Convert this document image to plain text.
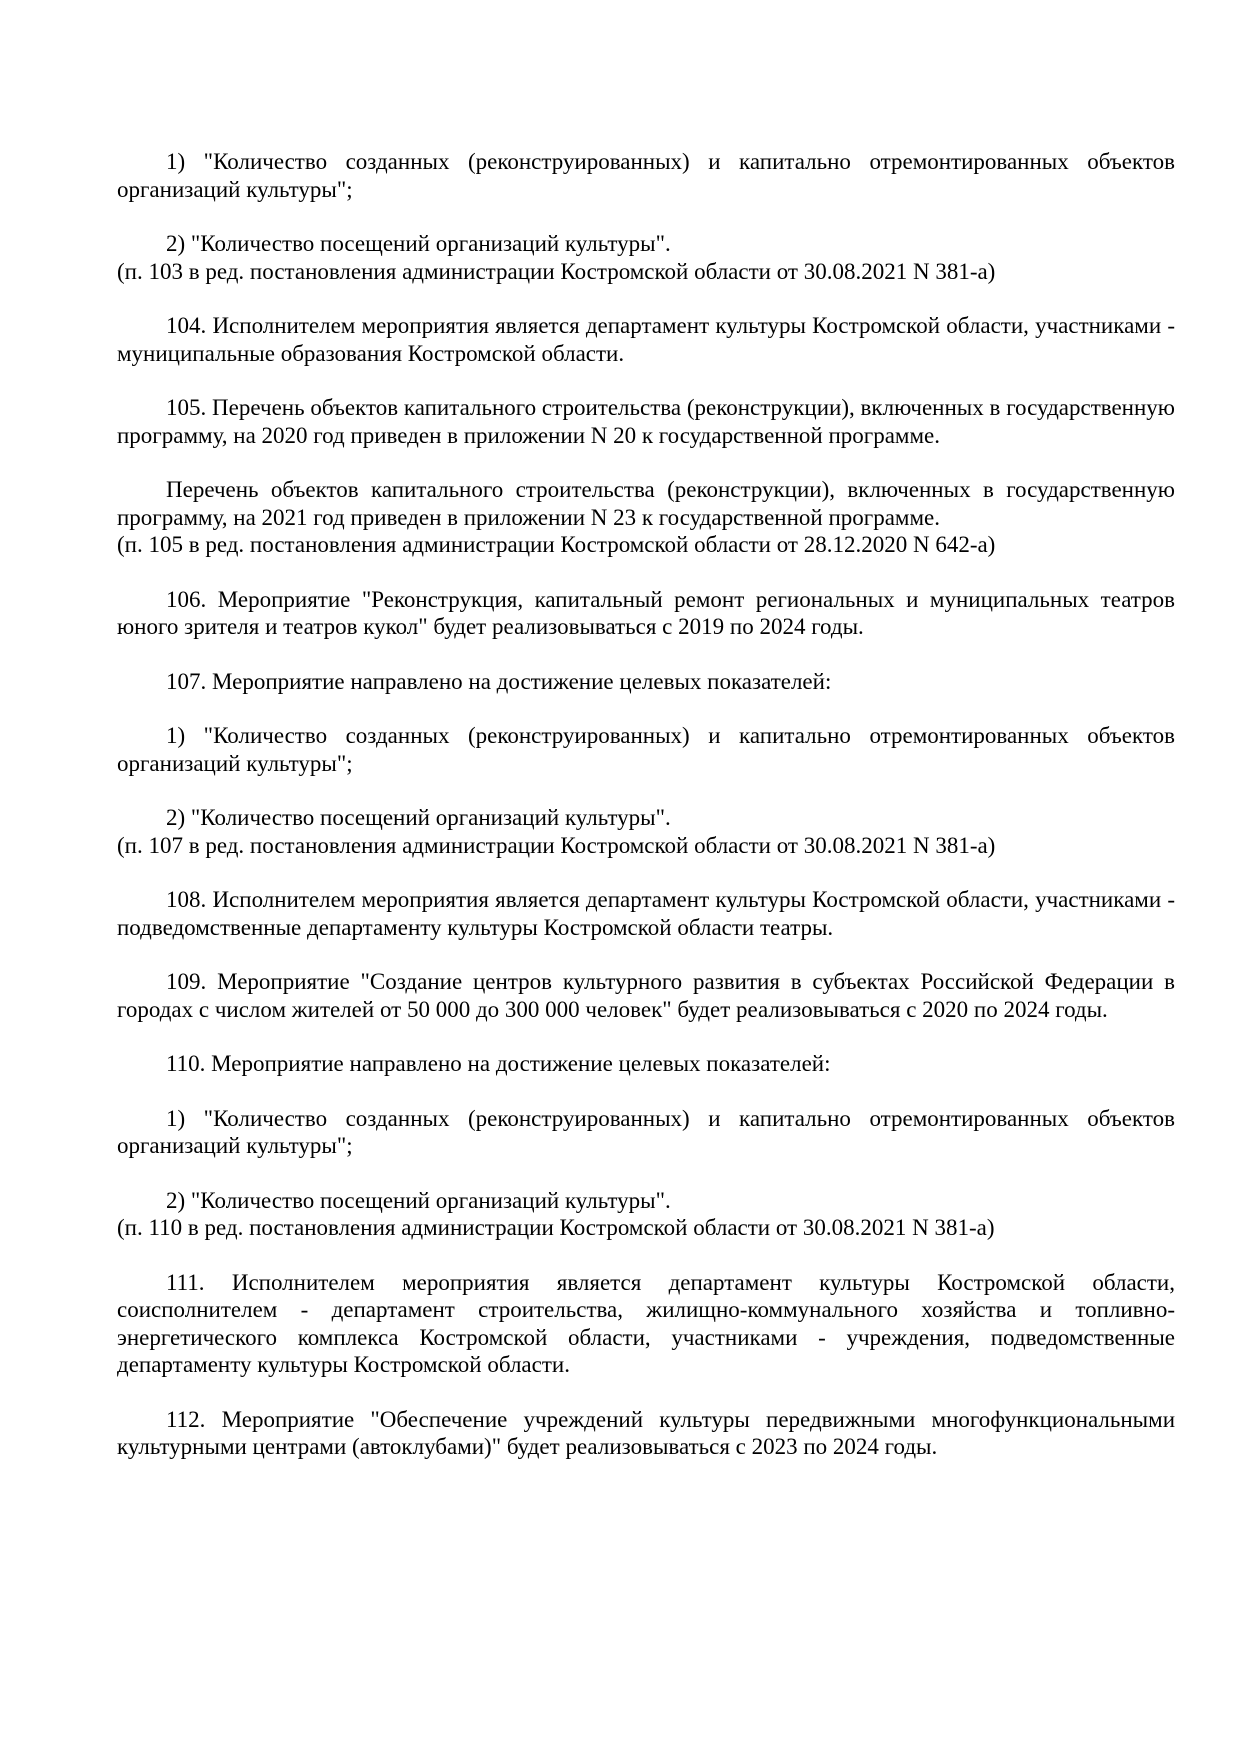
1) "Количество созданных (реконструированных) и капитально отремонтированных объектов организаций культуры";

2) "Количество посещений организаций культуры".

(п. 103 в ред. постановления администрации Костромской области от 30.08.2021 N 381-а)

104. Исполнителем мероприятия является департамент культуры Костромской области, участниками - муниципальные образования Костромской области.

105. Перечень объектов капитального строительства (реконструкции), включенных в государственную программу, на 2020 год приведен в приложении N 20 к государственной программе.

Перечень объектов капитального строительства (реконструкции), включенных в государственную программу, на 2021 год приведен в приложении N 23 к государственной программе.

(п. 105 в ред. постановления администрации Костромской области от 28.12.2020 N 642-а)

106. Мероприятие "Реконструкция, капитальный ремонт региональных и муниципальных театров юного зрителя и театров кукол" будет реализовываться с 2019 по 2024 годы.

107. Мероприятие направлено на достижение целевых показателей:

1) "Количество созданных (реконструированных) и капитально отремонтированных объектов организаций культуры";

2) "Количество посещений организаций культуры".

(п. 107 в ред. постановления администрации Костромской области от 30.08.2021 N 381-а)

108. Исполнителем мероприятия является департамент культуры Костромской области, участниками - подведомственные департаменту культуры Костромской области театры.

109. Мероприятие "Создание центров культурного развития в субъектах Российской Федерации в городах с числом жителей от 50 000 до 300 000 человек" будет реализовываться с 2020 по 2024 годы.

110. Мероприятие направлено на достижение целевых показателей:

1) "Количество созданных (реконструированных) и капитально отремонтированных объектов организаций культуры";

2) "Количество посещений организаций культуры".

(п. 110 в ред. постановления администрации Костромской области от 30.08.2021 N 381-а)

111. Исполнителем мероприятия является департамент культуры Костромской области, соисполнителем - департамент строительства, жилищно-коммунального хозяйства и топливно-энергетического комплекса Костромской области, участниками - учреждения, подведомственные департаменту культуры Костромской области.

112. Мероприятие "Обеспечение учреждений культуры передвижными многофункциональными культурными центрами (автоклубами)" будет реализовываться с 2023 по 2024 годы.
